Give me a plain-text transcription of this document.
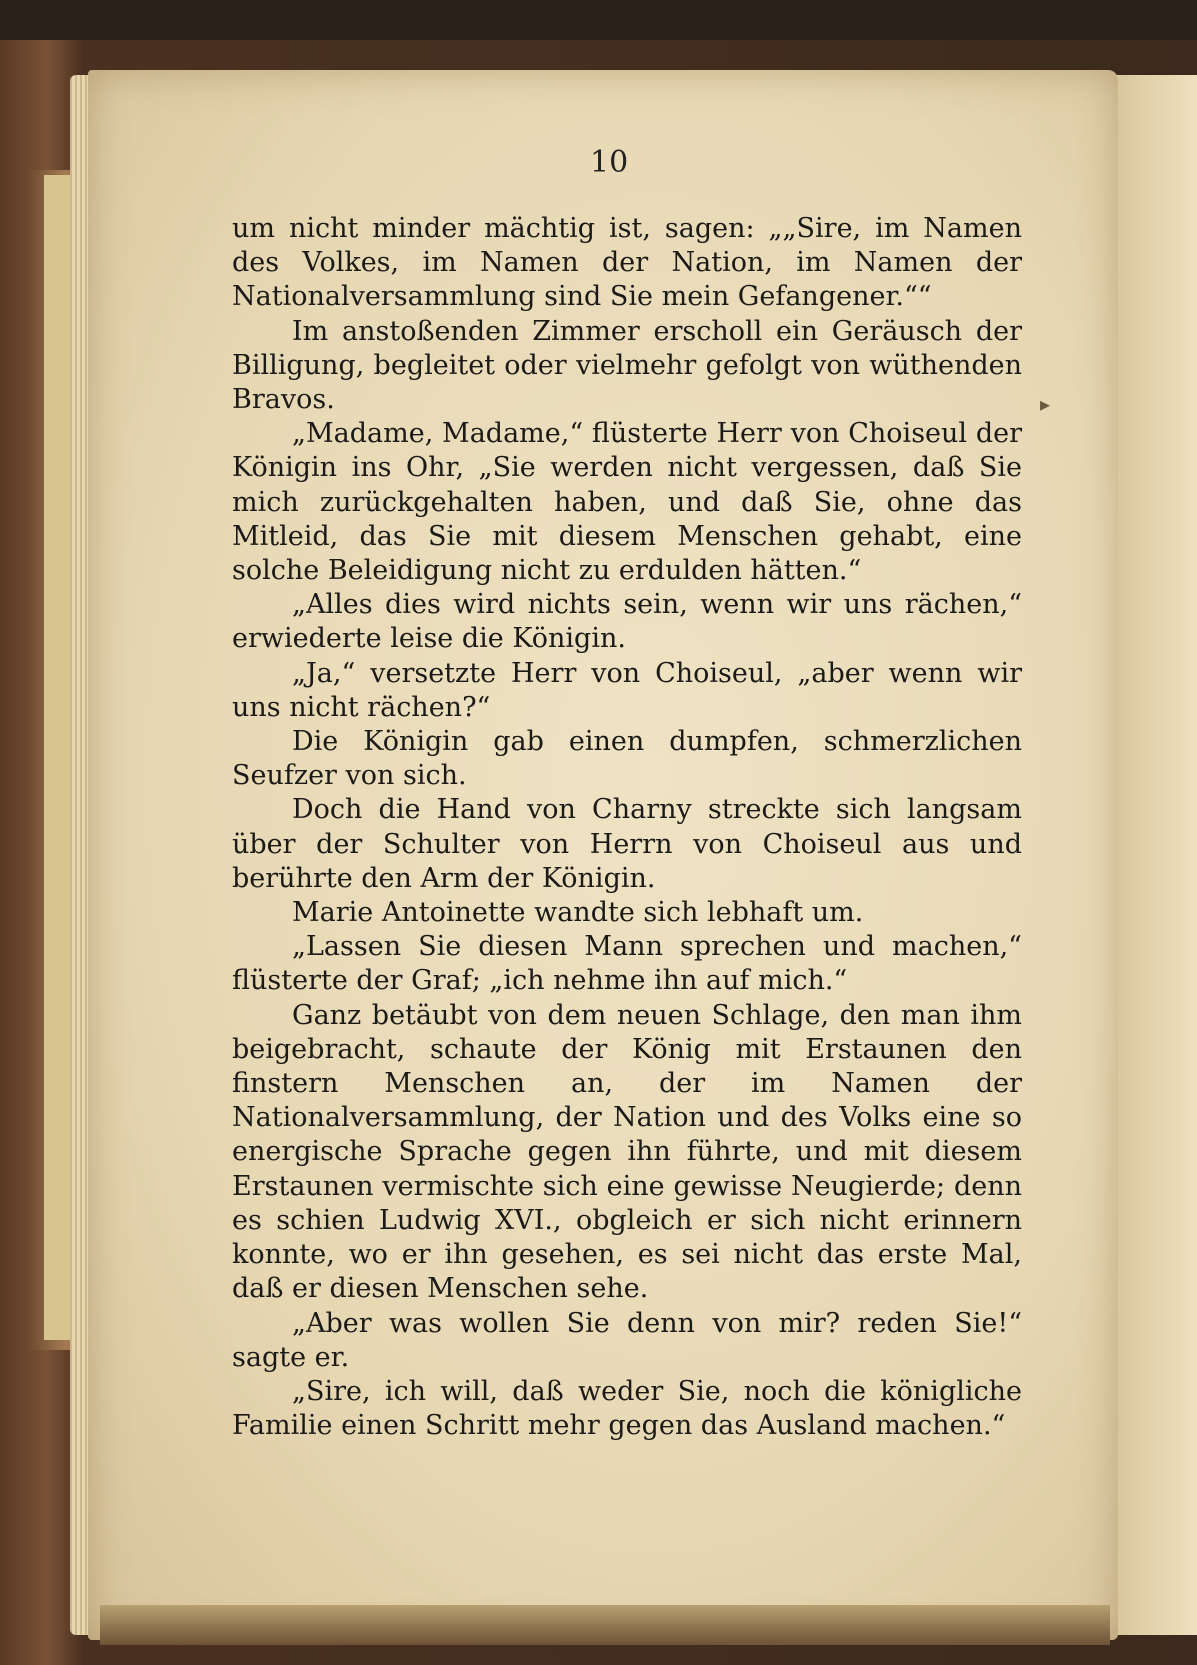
10

um nicht minder mächtig ist, sagen: „„Sire, im Namen des Volkes, im Namen der Nation, im Namen der Nationalversammlung sind Sie mein Gefangener.““

Im anstoßenden Zimmer erscholl ein Geräusch der Billigung, begleitet oder vielmehr gefolgt von wüthenden Bravos.

„Madame, Madame,“ flüsterte Herr von Choiseul der Königin ins Ohr, „Sie werden nicht vergessen, daß Sie mich zurückgehalten haben, und daß Sie, ohne das Mitleid, das Sie mit diesem Menschen gehabt, eine solche Beleidigung nicht zu erdulden hätten.“

„Alles dies wird nichts sein, wenn wir uns rächen,“ erwiederte leise die Königin.

„Ja,“ versetzte Herr von Choiseul, „aber wenn wir uns nicht rächen?“

Die Königin gab einen dumpfen, schmerzlichen Seufzer von sich.

Doch die Hand von Charny streckte sich langsam über der Schulter von Herrn von Choiseul aus und berührte den Arm der Königin.

Marie Antoinette wandte sich lebhaft um.

„Lassen Sie diesen Mann sprechen und machen,“ flüsterte der Graf; „ich nehme ihn auf mich.“

Ganz betäubt von dem neuen Schlage, den man ihm beigebracht, schaute der König mit Erstaunen den finstern Menschen an, der im Namen der Nationalversammlung, der Nation und des Volks eine so energische Sprache gegen ihn führte, und mit diesem Erstaunen vermischte sich eine gewisse Neugierde; denn es schien Ludwig XVI., obgleich er sich nicht erinnern konnte, wo er ihn gesehen, es sei nicht das erste Mal, daß er diesen Menschen sehe.

„Aber was wollen Sie denn von mir? reden Sie!“ sagte er.

„Sire, ich will, daß weder Sie, noch die königliche Familie einen Schritt mehr gegen das Ausland machen.“

▸
